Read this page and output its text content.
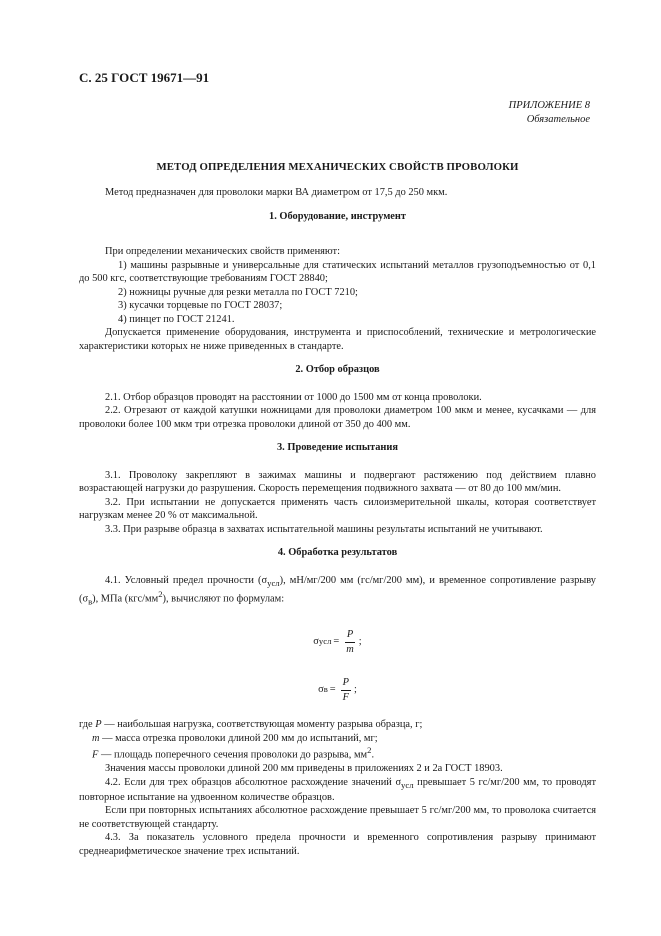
С. 25 ГОСТ 19671—91
ПРИЛОЖЕНИЕ 8
Обязательное
МЕТОД ОПРЕДЕЛЕНИЯ МЕХАНИЧЕСКИХ СВОЙСТВ ПРОВОЛОКИ

Метод предназначен для проволоки марки ВА диаметром от 17,5 до 250 мкм.

1. Оборудование, инструмент

При определении механических свойств применяют:

1) машины разрывные и универсальные для статических испытаний металлов грузоподъемностью от 0,1 до 500 кгс, соответствующие требованиям ГОСТ 28840;

2) ножницы ручные для резки металла по ГОСТ 7210;

3) кусачки торцевые по ГОСТ 28037;

4) пинцет по ГОСТ 21241.

Допускается применение оборудования, инструмента и приспособлений, технические и метрологические характеристики которых не ниже приведенных в стандарте.

2. Отбор образцов

2.1. Отбор образцов проводят на расстоянии от 1000 до 1500 мм от конца проволоки.

2.2. Отрезают от каждой катушки ножницами для проволоки диаметром 100 мкм и менее, кусачками — для проволоки более 100 мкм три отрезка проволоки длиной от 350 до 400 мм.

3. Проведение испытания

3.1. Проволоку закрепляют в зажимах машины и подвергают растяжению под действием плавно возрастающей нагрузки до разрушения. Скорость перемещения подвижного захвата — от 80 до 100 мм/мин.

3.2. При испытании не допускается применять часть силоизмерительной шкалы, которая соответствует нагрузкам менее 20 % от максимальной.

3.3. При разрыве образца в захватах испытательной машины результаты испытаний не учитывают.

4. Обработка результатов

4.1. Условный предел прочности $(\sigma_{усл})$, мН/мг/200 мм (гс/мг/200 мм), и временное сопротивление разрыву $(\sigma_в)$, МПа $(кгс/мм^2)$, вычисляют по формулам:

σ усл = $\frac{P}{m}$ ;
σ $в = \frac{P}{F}$ ;

где P — наибольшая нагрузка, соответствующая моменту разрыва образца, г;

m — масса отрезка проволоки длиной 200 мм до испытаний, мг;

F — площадь поперечного сечения проволоки до разрыва, $мм^2$.

Значения массы проволоки длиной 200 мм приведены в приложениях 2 и 2а ГОСТ 18903.

4.2. Если для трех образцов абсолютное расхождение значений $\sigma_{усл}$ превышает 5 гс/мг/200 мм, то проводят повторное испытание на удвоенном количестве образцов.

Если при повторных испытаниях абсолютное расхождение превышает 5 гс/мг/200 мм, то проволока считается не соответствующей стандарту.

4.3. За показатель условного предела прочности и временного сопротивления разрыву принимают среднеарифметическое значение трех испытаний.
